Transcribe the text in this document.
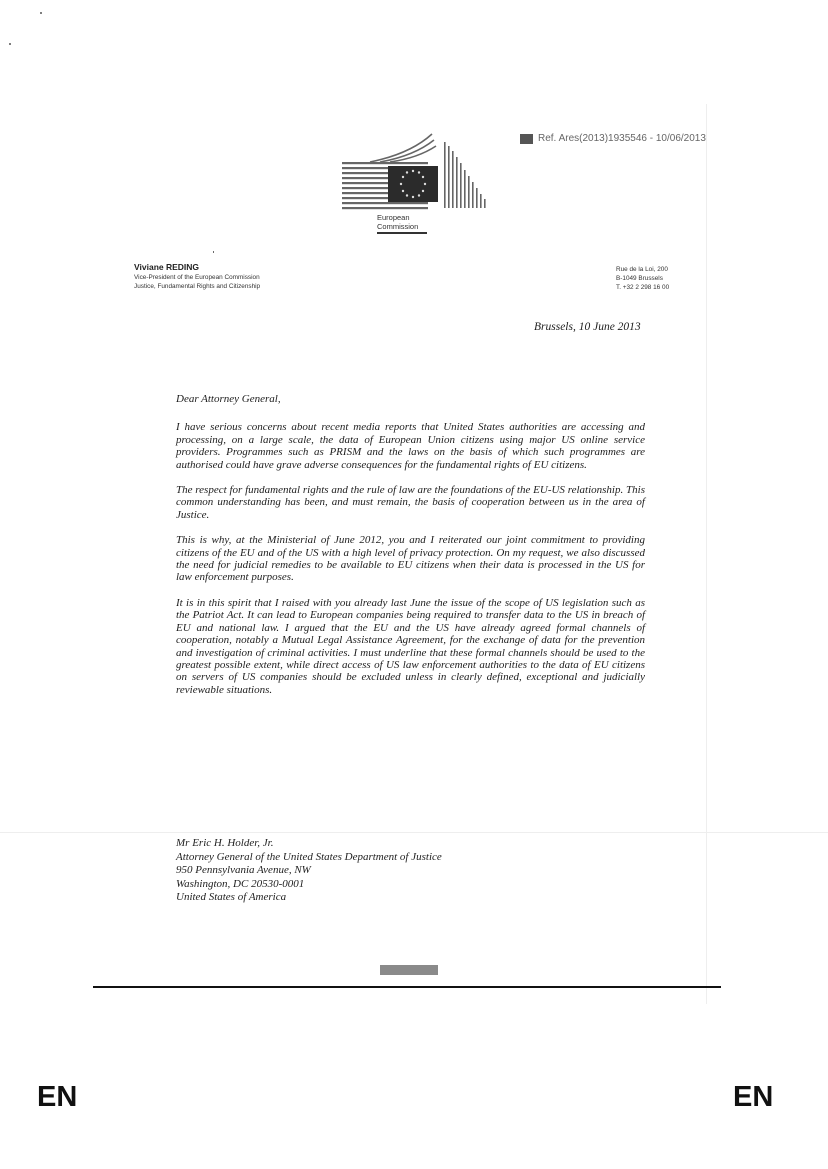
Ref. Ares(2013)1935546 - 10/06/2013
European
Commission
Viviane REDING
Vice-President of the European Commission
Justice, Fundamental Rights and Citizenship
Rue de la Loi, 200
B-1049 Brussels
T. +32 2 298 16 00
Brussels, 10 June 2013

Dear Attorney General,

I have serious concerns about recent media reports that United States authorities are accessing and processing, on a large scale, the data of European Union citizens using major US online service providers. Programmes such as PRISM and the laws on the basis of which such programmes are authorised could have grave adverse consequences for the fundamental rights of EU citizens.

The respect for fundamental rights and the rule of law are the foundations of the EU-US relationship. This common understanding has been, and must remain, the basis of cooperation between us in the area of Justice.

This is why, at the Ministerial of June 2012, you and I reiterated our joint commitment to providing citizens of the EU and of the US with a high level of privacy protection. On my request, we also discussed the need for judicial remedies to be available to EU citizens when their data is processed in the US for law enforcement purposes.

It is in this spirit that I raised with you already last June the issue of the scope of US legislation such as the Patriot Act. It can lead to European companies being required to transfer data to the US in breach of EU and national law. I argued that the EU and the US have already agreed formal channels of cooperation, notably a Mutual Legal Assistance Agreement, for the exchange of data for the prevention and investigation of criminal activities. I must underline that these formal channels should be used to the greatest possible extent, while direct access of US law enforcement authorities to the data of EU citizens on servers of US companies should be excluded unless in clearly defined, exceptional and judicially reviewable situations.

Mr Eric H. Holder, Jr.
Attorney General of the United States Department of Justice
950 Pennsylvania Avenue, NW
Washington, DC 20530-0001
United States of America
EN	EN
